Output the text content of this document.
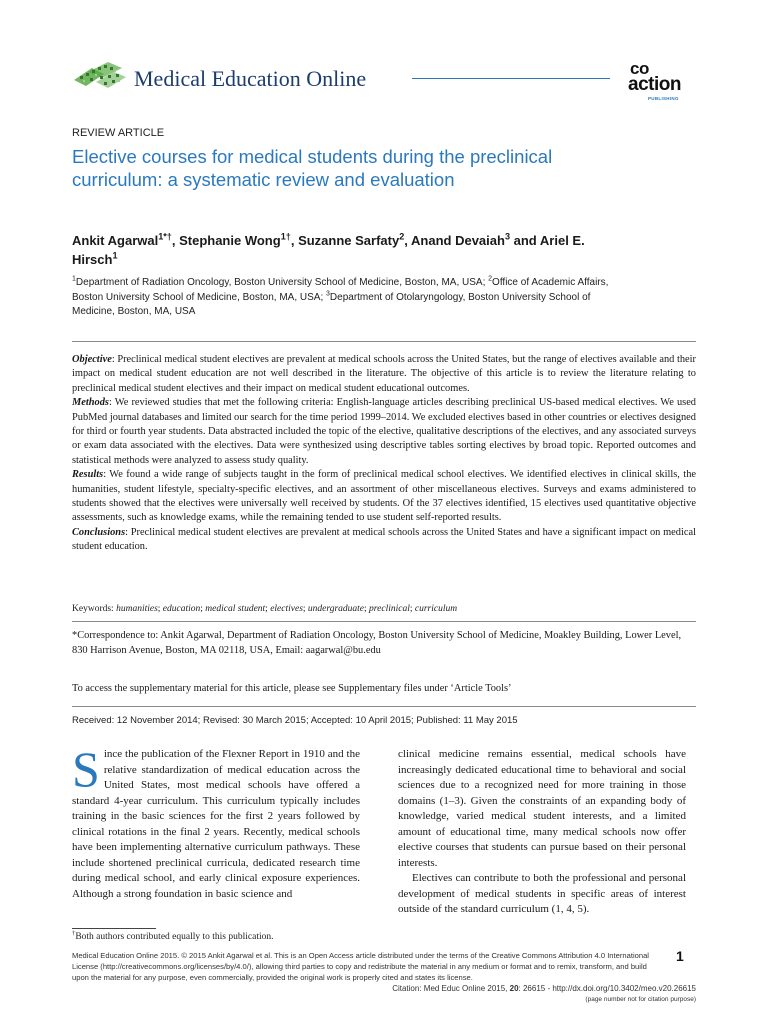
Medical Education Online	co
action
PUBLISHING
REVIEW ARTICLE
Elective courses for medical students during the preclinical curriculum: a systematic review and evaluation
Ankit Agarwal$^{1*\dagger}$, Stephanie Wong$^{1\dagger}$, Suzanne Sarfaty$^2$, Anand Devaiah$^3$ and Ariel E. Hirsch$^1$
$^1$Department of Radiation Oncology, Boston University School of Medicine, Boston, MA, USA; $^2$Office of Academic Affairs, Boston University School of Medicine, Boston, MA, USA; $^3$Department of Otolaryngology, Boston University School of Medicine, Boston, MA, USA

Objective: Preclinical medical student electives are prevalent at medical schools across the United States, but the range of electives available and their impact on medical student education are not well described in the literature. The objective of this article is to review the literature relating to preclinical medical student electives and their impact on medical student educational outcomes.

Methods: We reviewed studies that met the following criteria: English-language articles describing preclinical US-based medical electives. We used PubMed journal databases and limited our search for the time period 1999–2014. We excluded electives based in other countries or electives designed for third or fourth year students. Data abstracted included the topic of the elective, qualitative descriptions of the electives, and any associated surveys or exam data associated with the electives. Data were synthesized using descriptive tables sorting electives by broad topic. Reported outcomes and statistical methods were analyzed to assess study quality.

Results: We found a wide range of subjects taught in the form of preclinical medical school electives. We identified electives in clinical skills, the humanities, student lifestyle, specialty-specific electives, and an assortment of other miscellaneous electives. Surveys and exams administered to students showed that the electives were universally well received by students. Of the 37 electives identified, 15 electives used quantitative objective assessments, such as knowledge exams, while the remaining tended to use student self-reported results.

Conclusions: Preclinical medical student electives are prevalent at medical schools across the United States and have a significant impact on medical student education.

Keywords: humanities; education; medical student; electives; undergraduate; preclinical; curriculum
*Correspondence to: Ankit Agarwal, Department of Radiation Oncology, Boston University School of Medicine, Moakley Building, Lower Level, 830 Harrison Avenue, Boston, MA 02118, USA, Email: aagarwal@bu.edu
To access the supplementary material for this article, please see Supplementary files under ‘Article Tools’
Received: 12 November 2014; Revised: 30 March 2015; Accepted: 10 April 2015; Published: 11 May 2015
Since the publication of the Flexner Report in 1910 and the relative standardization of medical education across the United States, most medical schools have offered a standard 4-year curriculum. This curriculum typically includes training in the basic sciences for the first 2 years followed by clinical rotations in the final 2 years. Recently, medical schools have been implementing alternative curriculum pathways. These include shortened preclinical curricula, dedicated research time during medical school, and early clinical exposure experiences. Although a strong foundation in basic science and
clinical medicine remains essential, medical schools have increasingly dedicated educational time to behavioral and social sciences due to a recognized need for more training in those domains (1–3). Given the constraints of an expanding body of knowledge, varied medical student interests, and a limited amount of educational time, many medical schools now offer elective courses that students can pursue based on their personal interests.
Electives can contribute to both the professional and personal development of medical students in specific areas of interest outside of the standard curriculum (1, 4, 5).
†Both authors contributed equally to this publication.
Medical Education Online 2015. © 2015 Ankit Agarwal et al. This is an Open Access article distributed under the terms of the Creative Commons Attribution 4.0 International License (http://creativecommons.org/licenses/by/4.0/), allowing third parties to copy and redistribute the material in any medium or format and to remix, transform, and build upon the material for any purpose, even commercially, provided the original work is properly cited and states its license.
1
Citation: Med Educ Online 2015, 20: 26615 - http://dx.doi.org/10.3402/meo.v20.26615
(page number not for citation purpose)
